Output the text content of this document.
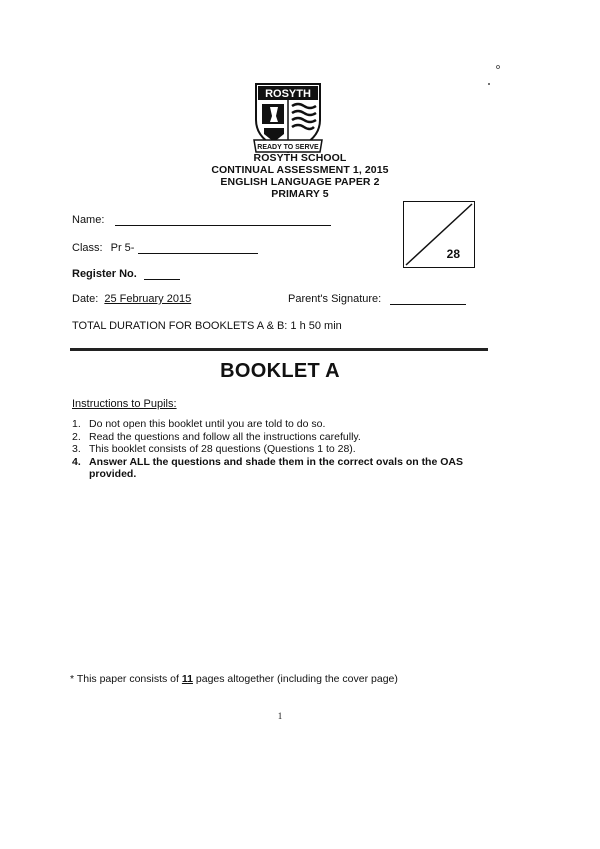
ROSYTH
READY TO SERVE
ROSYTH SCHOOL
CONTINUAL ASSESSMENT 1, 2015
ENGLISH LANGUAGE PAPER 2
PRIMARY 5
Name:
Class: Pr 5-
Register No.
Date: 25 February 2015	Parent's Signature:
TOTAL DURATION FOR BOOKLETS A & B: 1 h 50 min
28
BOOKLET A
Instructions to Pupils:
1. Do not open this booklet until you are told to do so.
2. Read the questions and follow all the instructions carefully.
3. This booklet consists of 28 questions (Questions 1 to 28).
4. Answer ALL the questions and shade them in the correct ovals on the OAS provided.
* This paper consists of 11 pages altogether (including the cover page)
1
